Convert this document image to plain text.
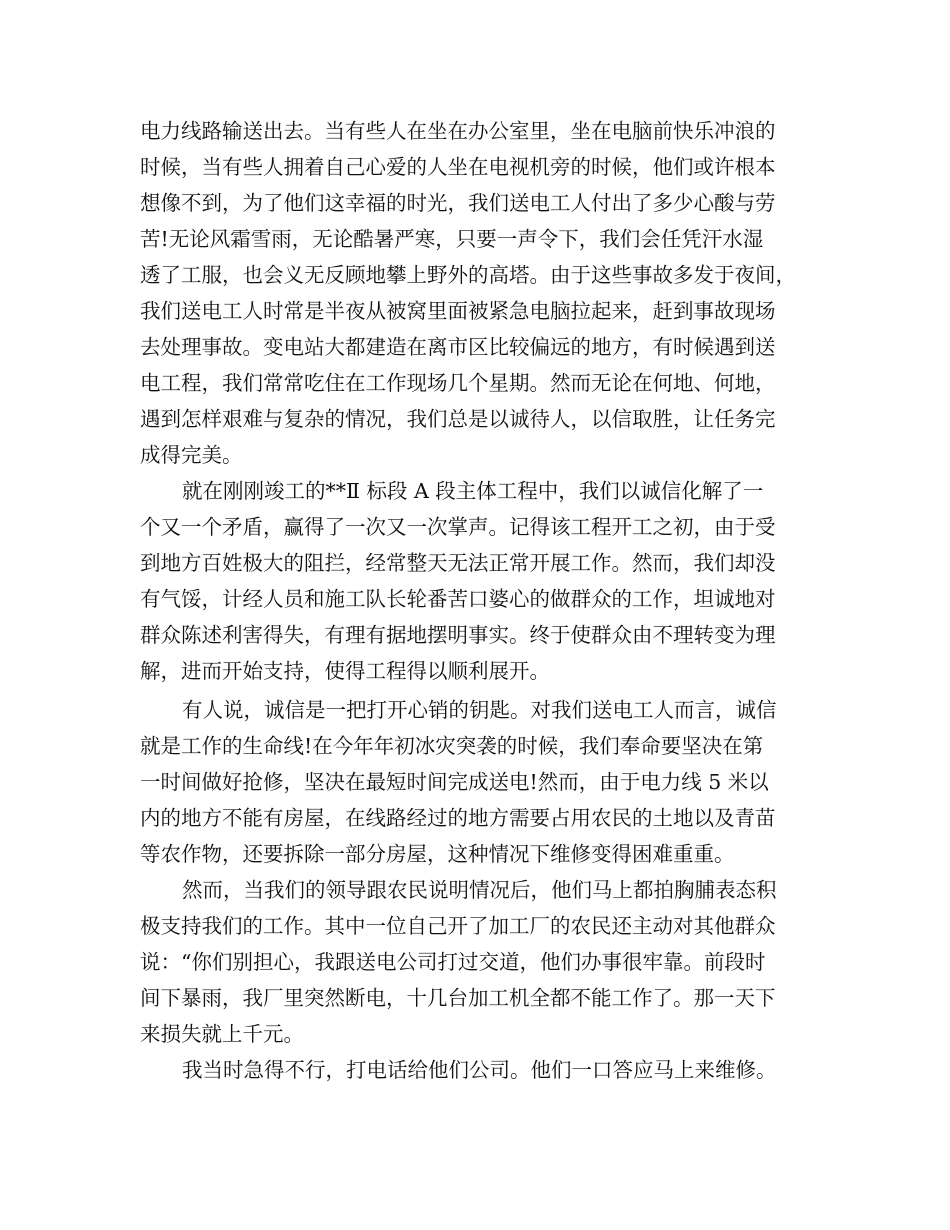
电力线路输送出去。当有些人在坐在办公室里，坐在电脑前快乐冲浪的
时候，当有些人拥着自己心爱的人坐在电视机旁的时候，他们或许根本
想像不到，为了他们这幸福的时光，我们送电工人付出了多少心酸与劳
苦!无论风霜雪雨，无论酷暑严寒，只要一声令下，我们会任凭汗水湿
透了工服，也会义无反顾地攀上野外的高塔。由于这些事故多发于夜间，
我们送电工人时常是半夜从被窝里面被紧急电脑拉起来，赶到事故现场
去处理事故。变电站大都建造在离市区比较偏远的地方，有时候遇到送
电工程，我们常常吃住在工作现场几个星期。然而无论在何地、何地，
遇到怎样艰难与复杂的情况，我们总是以诚待人，以信取胜，让任务完
成得完美。
就在刚刚竣工的**Ⅱ 标段 A 段主体工程中，我们以诚信化解了一
个又一个矛盾，赢得了一次又一次掌声。记得该工程开工之初，由于受
到地方百姓极大的阻拦，经常整天无法正常开展工作。然而，我们却没
有气馁，计经人员和施工队长轮番苦口婆心的做群众的工作，坦诚地对
群众陈述利害得失，有理有据地摆明事实。终于使群众由不理转变为理
解，进而开始支持，使得工程得以顺利展开。
有人说，诚信是一把打开心销的钥匙。对我们送电工人而言，诚信
就是工作的生命线!在今年年初冰灾突袭的时候，我们奉命要坚决在第
一时间做好抢修，坚决在最短时间完成送电!然而，由于电力线 5 米以
内的地方不能有房屋，在线路经过的地方需要占用农民的土地以及青苗
等农作物，还要拆除一部分房屋，这种情况下维修变得困难重重。
然而，当我们的领导跟农民说明情况后，他们马上都拍胸脯表态积
极支持我们的工作。其中一位自己开了加工厂的农民还主动对其他群众
说：“你们别担心，我跟送电公司打过交道，他们办事很牢靠。前段时
间下暴雨，我厂里突然断电，十几台加工机全都不能工作了。那一天下
来损失就上千元。
我当时急得不行，打电话给他们公司。他们一口答应马上来维修。
